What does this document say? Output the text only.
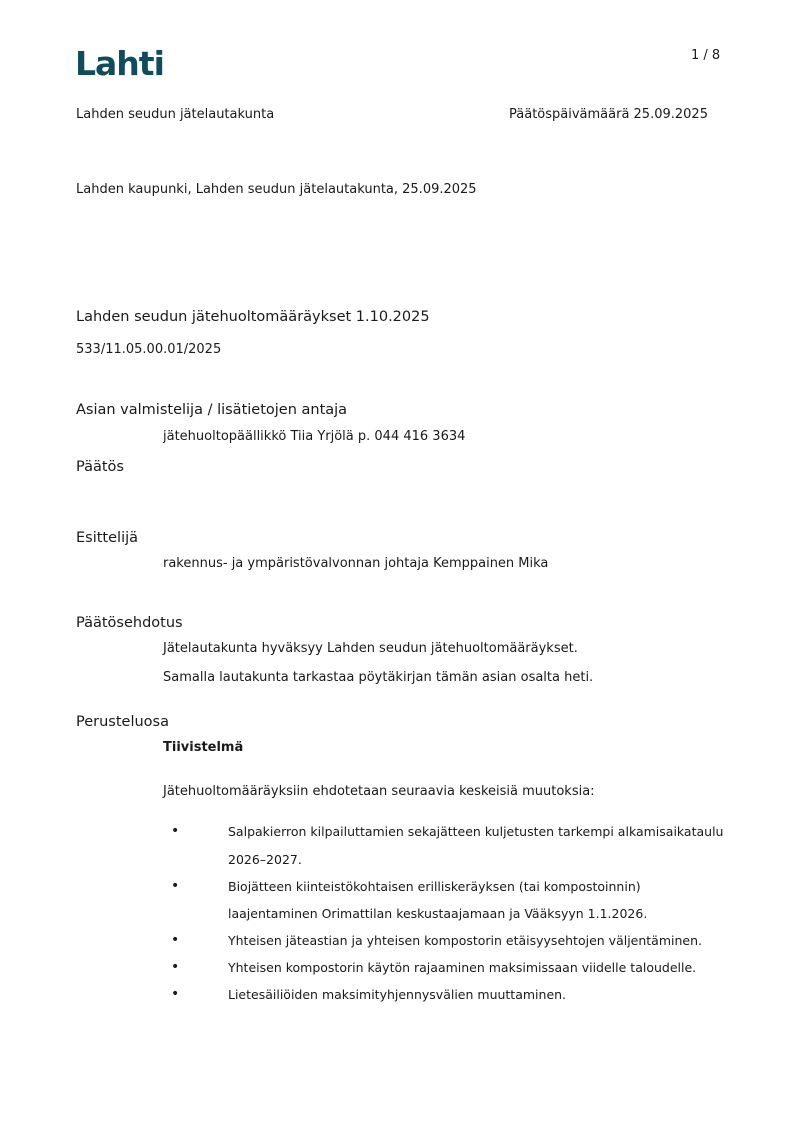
Lahti	1 / 8
Lahden seudun jätelautakunta	Päätöspäivämäärä 25.09.2025
Lahden kaupunki, Lahden seudun jätelautakunta, 25.09.2025
Lahden seudun jätehuoltomääräykset 1.10.2025
533/11.05.00.01/2025
Asian valmistelija / lisätietojen antaja
jätehuoltopäällikkö Tiia Yrjölä p. 044 416 3634
Päätös
Esittelijä
rakennus- ja ympäristövalvonnan johtaja Kemppainen Mika
Päätösehdotus
Jätelautakunta hyväksyy Lahden seudun jätehuoltomääräykset.
Samalla lautakunta tarkastaa pöytäkirjan tämän asian osalta heti.
Perusteluosa
Tiivistelmä
Jätehuoltomääräyksiin ehdotetaan seuraavia keskeisiä muutoksia:
•	Salpakierron kilpailuttamien sekajätteen kuljetusten tarkempi alkamisaikataulu
2026–2027.
•	Biojätteen kiinteistökohtaisen erilliskeräyksen (tai kompostoinnin)
laajentaminen Orimattilan keskustaajamaan ja Vääksyyn 1.1.2026.
•	Yhteisen jäteastian ja yhteisen kompostorin etäisyysehtojen väljentäminen.
•	Yhteisen kompostorin käytön rajaaminen maksimissaan viidelle taloudelle.
•	Lietesäiliöiden maksimityhjennysvälien muuttaminen.
